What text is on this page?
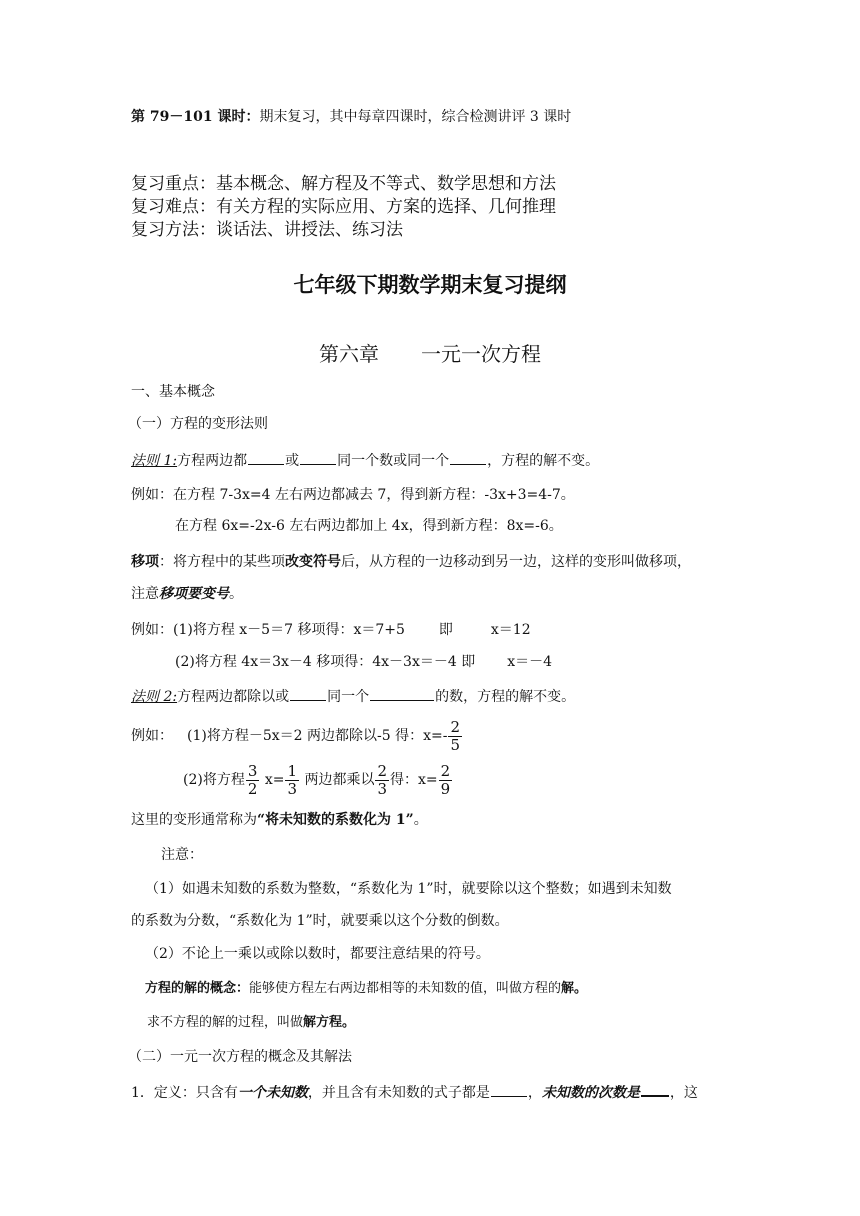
第 79－101 课时：期末复习，其中每章四课时，综合检测讲评 3 课时
复习重点：基本概念、解方程及不等式、数学思想和方法
复习难点：有关方程的实际应用、方案的选择、几何推理
复习方法：谈话法、讲授法、练习法
七年级下期数学期末复习提纲
第六章 一元一次方程
一、基本概念
（一）方程的变形法则
法则 1:方程两边都	或	同一个数或同一个	，方程的解不变。
例如：在方程 7-3x=4 左右两边都减去 7，得到新方程：-3x+3=4-7。
在方程 6x=-2x-6 左右两边都加上 4x，得到新方程：8x=-6。
移项：将方程中的某些项改变符号后，从方程的一边移动到另一边，这样的变形叫做移项，
注意移项要变号。
例如：(1)将方程 x－5＝7 移项得：x＝7+5 即	x＝12
(2)将方程 4x＝3x－4 移项得：4x－3x＝－4 即 x＝－4
法则 2:方程两边都除以或	同一个	的数，方程的解不变。
例如： (1)将方程－5x＝2 两边都除以-5 得：$x=- \frac{2}{5}$
(2)将方程 $\frac{3}{2} x= \frac{1}{3}$ 两边都乘以 $\frac{2}{3}$ 得：$x= \frac{2}{9}$
这里的变形通常称为“将未知数的系数化为 1”。
注意：
（1）如遇未知数的系数为整数，“系数化为 1”时，就要除以这个整数；如遇到未知数
的系数为分数，“系数化为 1”时，就要乘以这个分数的倒数。
（2）不论上一乘以或除以数时，都要注意结果的符号。
方程的解的概念：能够使方程左右两边都相等的未知数的值，叫做方程的解。
求不方程的解的过程，叫做解方程。
（二）一元一次方程的概念及其解法
1．定义：只含有一个未知数，并且含有未知数的式子都是	，未知数的次数是 ，这
